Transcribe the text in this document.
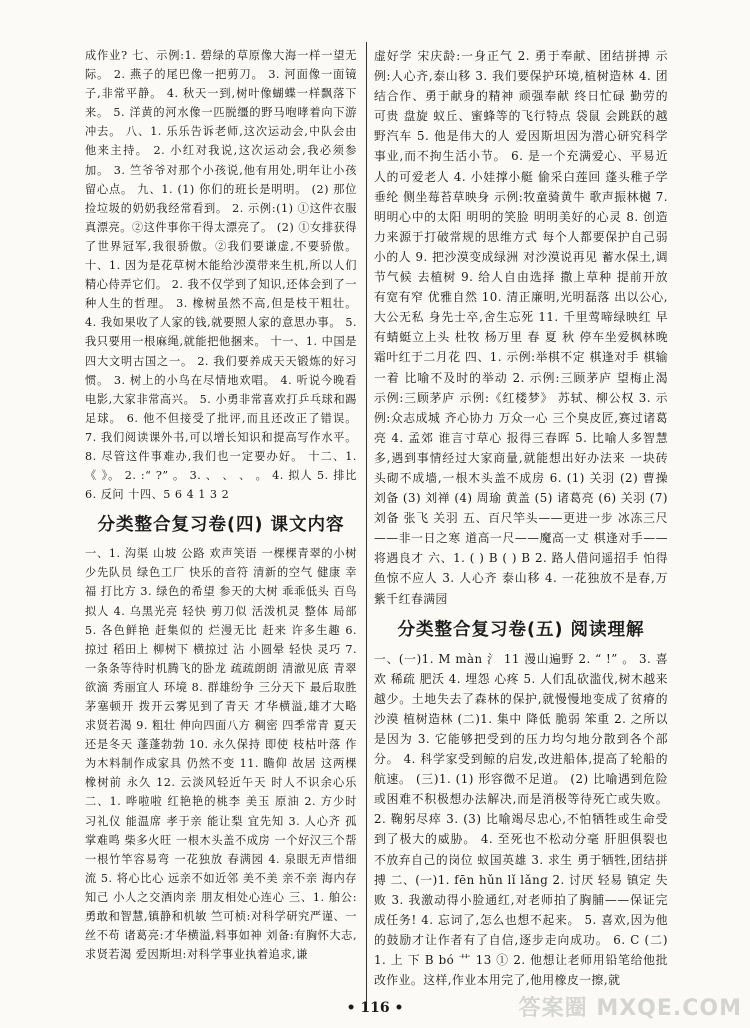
成作业? 七、示例:1. 碧绿的草原像大海一样一望无际。 2. 燕子的尾巴像一把剪刀。 3. 河面像一面镜子,非常平静。 4. 秋天一到,树叶像蝴蝶一样飘落下来。 5. 洋黄的河水像一匹脱缰的野马咆哮着向下游冲去。 八、1. 乐乐告诉老师,这次运动会,中队会由他来主持。 2. 小红对我说,这次运动会,我必须参加。 3. 竺爷爷对那个小孩说,他有用处,明年让小孩留心点。 九、1. (1) 你们的班长是明明。 (2) 那位捡垃圾的奶奶我经常看到。 2. 示例:(1) ①这件衣服真漂亮。②这件事你干得太漂亮了。 (2) ①女排获得了世界冠军,我很骄傲。②我们要谦虚,不要骄傲。 十、1. 因为是花草树木能给沙漠带来生机,所以人们精心侍弄它们。 2. 我不仅学到了知识,还体会到了一种人生的哲理。 3. 橡树虽然不高,但是枝干粗壮。 4. 我如果收了人家的钱,就要照人家的意思办事。 5. 我只要用一根麻绳,就能把他捆来。 十一、1. 中国是四大文明古国之一。 2. 我们要养成天天锻炼的好习惯。 3. 树上的小鸟在尽情地欢唱。 4. 听说今晚看电影,大家非常高兴。 5. 小勇非常喜欢打乒乓球和踢足球。 6. 他不但接受了批评,而且还改正了错误。 7. 我们阅读课外书,可以增长知识和提高写作水平。 8. 尽管这件事难办,我们也一定要办好。 十二、1. 《 》。 2. :“ ?” 。 3. 、 、 、 。 4. 拟人 5. 排比 6. 反问 十四、5 6 4 1 3 2

分类整合复习卷(四) 课文内容

一、1. 沟渠 山坡 公路 欢声笑语 一棵棵青翠的小树 少先队员 绿色工厂 快乐的音符 清新的空气 健康 幸福 打比方 3. 绿色的希望 参天的大树 乖乖低头 百鸟 拟人 4. 乌黑光亮 轻快 剪刀似 活泼机灵 整体 局部 5. 各色鲜艳 赶集似的 烂漫无比 赶来 许多生趣 6. 掠过 稻田上 柳树下 横掠过 沾 小圆晕 轻快 灵巧 7. 一条条等待时机腾飞的卧龙 疏疏朗朗 清澈见底 青翠欲滴 秀丽宜人 环境 8. 群雄纷争 三分天下 最后取胜 茅塞顿开 拨开云雾见到了青天 才华横溢,雄才大略 求贤若渴 9. 粗壮 伸向四面八方 稠密 四季常青 夏天还是冬天 蓬蓬勃勃 10. 永久保持 即使 枝枯叶落 作为木料制作成家具 仍然不变 11. 瞻仰 故居 这两棵橡树前 永久 12. 云淡风轻近午天 时人不识余心乐 二、1. 哗啦啦 红艳艳的桃李 美玉 原油 2. 方少时 习礼仪 能温席 孝于亲 能让梨 宜先知 3. 人心齐 孤掌难鸣 柴多火旺 一根木头盖不成房 一个好汉三个帮 一根竹竿容易弯 一花独放 春满园 4. 泉眼无声惜细流 5. 将心比心 远亲不如近邻 美不美 亲不亲 海内存知己 小人之交酒肉亲 朋友相处心连心 三、1. 舶公:勇敢和智慧,镇静和机敏 竺可桢:对科学研究严谨、一丝不苟 诸葛亮:才华横溢,料事如神 刘备:有胸怀大志,求贤若渴 爱因斯坦:对科学事业执着追求,谦

虚好学 宋庆龄:一身正气 2. 勇于奉献、团结拼搏 示例:人心齐,泰山移 3. 我们要保护环境,植树造林 4. 团结合作、勇于献身的精神 顽强奉献 终日忙碌 勤劳的可贵 盘旋 蚁丘、蜜蜂等的飞行特点 袋鼠 会跳跃的越野汽车 5. 他是伟大的人 爱因斯坦因为潜心研究科学事业,而不拘生活小节。 6. 是一个充满爱心、平易近人的可爱老人 4. 小娃撑小艇 偷采白莲回 蓬头稚子学垂纶 侧坐莓苔草映身 示例:牧童骑黄牛 歌声振林樾 7. 明明心中的太阳 明明的笑脸 明明美好的心灵 8. 创造力来源于打破常规的思维方式 每个人都要保护自己弱小的人 9. 把沙漠变成绿洲 对沙漠说再见 蓄水保土,调节气候 去植树 9. 给人自由选择 撒上草种 提前开放 有宽有窄 优雅自然 10. 清正廉明,光明磊落 出以公心,大公无私 身先士卒,舍生忘死 11. 千里莺啼绿映红 早有蜻蜓立上头 杜牧 杨万里 春 夏 秋 停车坐爱枫林晚 霜叶红于二月花 四、1. 示例:举棋不定 棋逢对手 棋输一着 比喻不及时的举动 2. 示例:三顾茅庐 望梅止渴 示例:三顾茅庐 示例:《红楼梦》 苏轼、柳公权 3. 示例:众志成城 齐心协力 万众一心 三个臭皮匠,赛过诸葛亮 4. 孟郊 谁言寸草心 报得三春晖 5. 比喻人多智慧多,遇到事情经过大家商量,就能想出好办法来 一块砖头砌不成墙,一根木头盖不成房 6. (1) 关羽 (2) 曹操 刘备 (3) 刘禅 (4) 周瑜 黄盖 (5) 诸葛亮 (6) 关羽 (7) 刘备 张飞 关羽 五、百尺竿头——更进一步 冰冻三尺——非一日之寒 道高一尺——魔高一丈 棋逢对手——将遇良才 六、1. ( ) B ( ) B 2. 路人借问遥招手 怕得鱼惊不应人 3. 人心齐 泰山移 4. 一花独放不是春,万紫千红春满园

分类整合复习卷(五) 阅读理解

一、(一)1. M màn 氵 11 漫山遍野 2. “ !” 。 3. 喜欢 稀疏 肥沃 4. 埋怨 心疼 5. 人们乱砍滥伐,树木越来越少。土地失去了森林的保护,就慢慢地变成了贫瘠的沙漠 植树造林 (二)1. 集中 降低 脆弱 笨重 2. 之所以是因为 3. 它能够把受到的压力均匀地分散到各个部分。 4. 科学家受到鲸的启发,改进船体,提高了轮船的航速。 (三)1. (1) 形容微不足道。 (2) 比喻遇到危险或困难不积极想办法解决,而是消极等待死亡或失败。 2. 鞠躬尽瘁 3. (3) 比喻竭尽忠心,不怕牺牲或生命受到了极大的威胁。 4. 至死也不松动分毫 肝胆俱裂也不放弃自己的岗位 蚁国英雄 3. 求生 勇于牺牲,团结拼搏 二、(一)1. fēn hǔn lǐ lǎng 2. 讨厌 轻易 镇定 失败 3. 我激动得小脸通红,对老师拍了胸脯——保证完成任务! 4. 忘词了,怎么也想不起来。 5. 喜欢,因为他的鼓励才让作者有了自信,逐步走向成功。 6. C (二)1. 上 下 B bó 艹 13 ① 2. 他想让老师用铅笔给他批改作业。这样,作业本用完了,他用橡皮一擦,就

• 116 •	答案圈 MXQE.COM
